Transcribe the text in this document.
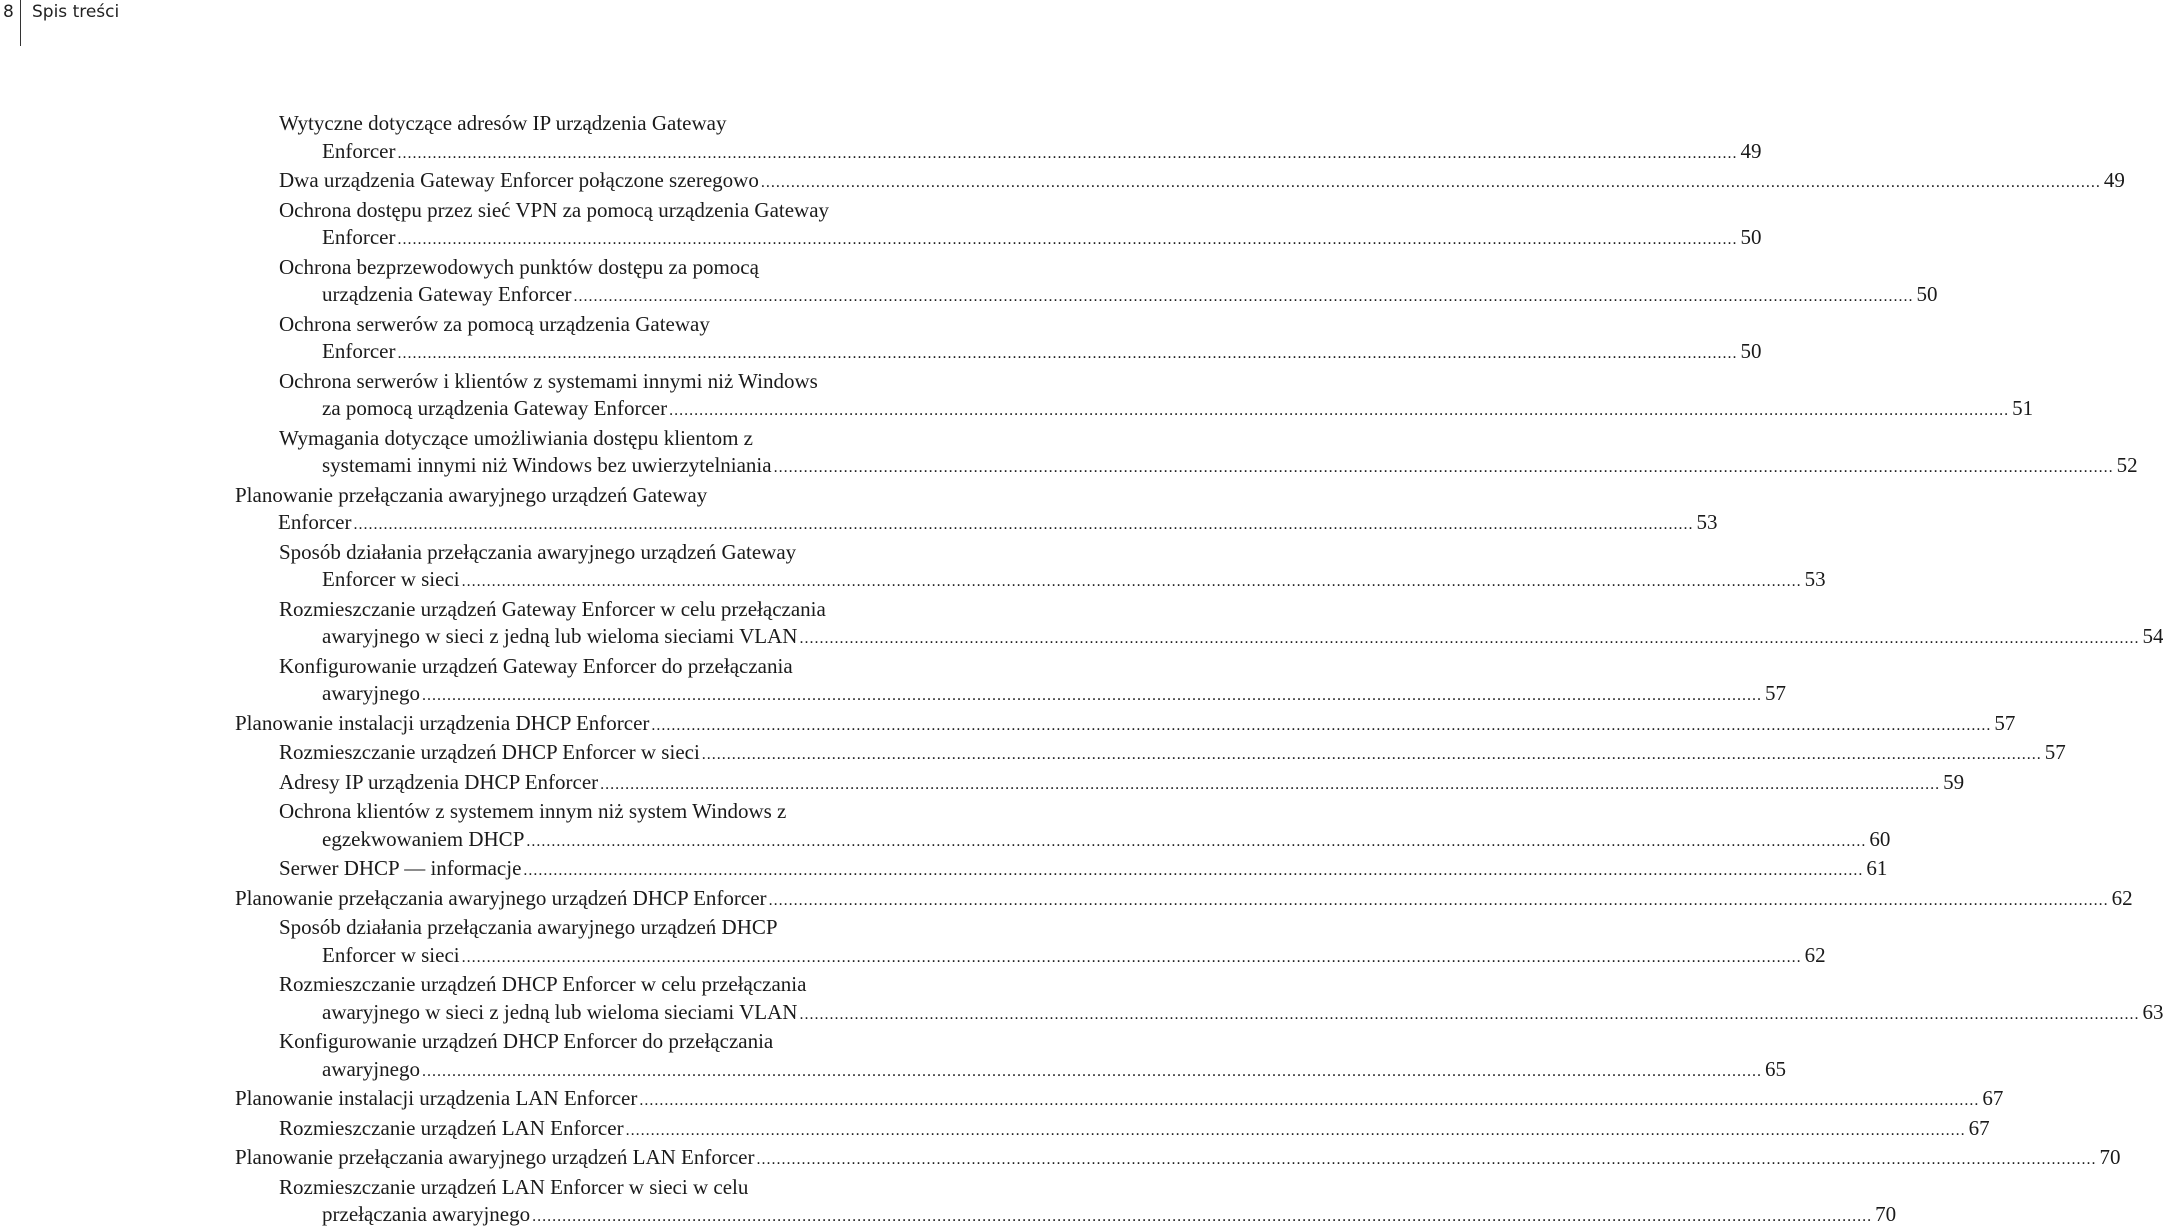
8 Spis treści
Wytyczne dotyczące adresów IP urządzenia Gateway
Enforcer .....	49
Dwa urządzenia Gateway Enforcer połączone szeregowo .....	49
Ochrona dostępu przez sieć VPN za pomocą urządzenia Gateway
Enforcer .....	50
Ochrona bezprzewodowych punktów dostępu za pomocą
urządzenia Gateway Enforcer .....	50
Ochrona serwerów za pomocą urządzenia Gateway
Enforcer .....	50
Ochrona serwerów i klientów z systemami innymi niż Windows
za pomocą urządzenia Gateway Enforcer .....	51
Wymagania dotyczące umożliwiania dostępu klientom z
systemami innymi niż Windows bez uwierzytelniania .....	52
Planowanie przełączania awaryjnego urządzeń Gateway
Enforcer .....	53
Sposób działania przełączania awaryjnego urządzeń Gateway
Enforcer w sieci .....	53
Rozmieszczanie urządzeń Gateway Enforcer w celu przełączania
awaryjnego w sieci z jedną lub wieloma sieciami VLAN .....	54
Konfigurowanie urządzeń Gateway Enforcer do przełączania
awaryjnego .....	57
Planowanie instalacji urządzenia DHCP Enforcer .....	57
Rozmieszczanie urządzeń DHCP Enforcer w sieci .....	57
Adresy IP urządzenia DHCP Enforcer .....	59
Ochrona klientów z systemem innym niż system Windows z
egzekwowaniem DHCP .....	60
Serwer DHCP — informacje .....	61
Planowanie przełączania awaryjnego urządzeń DHCP Enforcer .....	62
Sposób działania przełączania awaryjnego urządzeń DHCP
Enforcer w sieci .....	62
Rozmieszczanie urządzeń DHCP Enforcer w celu przełączania
awaryjnego w sieci z jedną lub wieloma sieciami VLAN .....	63
Konfigurowanie urządzeń DHCP Enforcer do przełączania
awaryjnego .....	65
Planowanie instalacji urządzenia LAN Enforcer .....	67
Rozmieszczanie urządzeń LAN Enforcer .....	67
Planowanie przełączania awaryjnego urządzeń LAN Enforcer .....	70
Rozmieszczanie urządzeń LAN Enforcer w sieci w celu
przełączania awaryjnego .....	70
